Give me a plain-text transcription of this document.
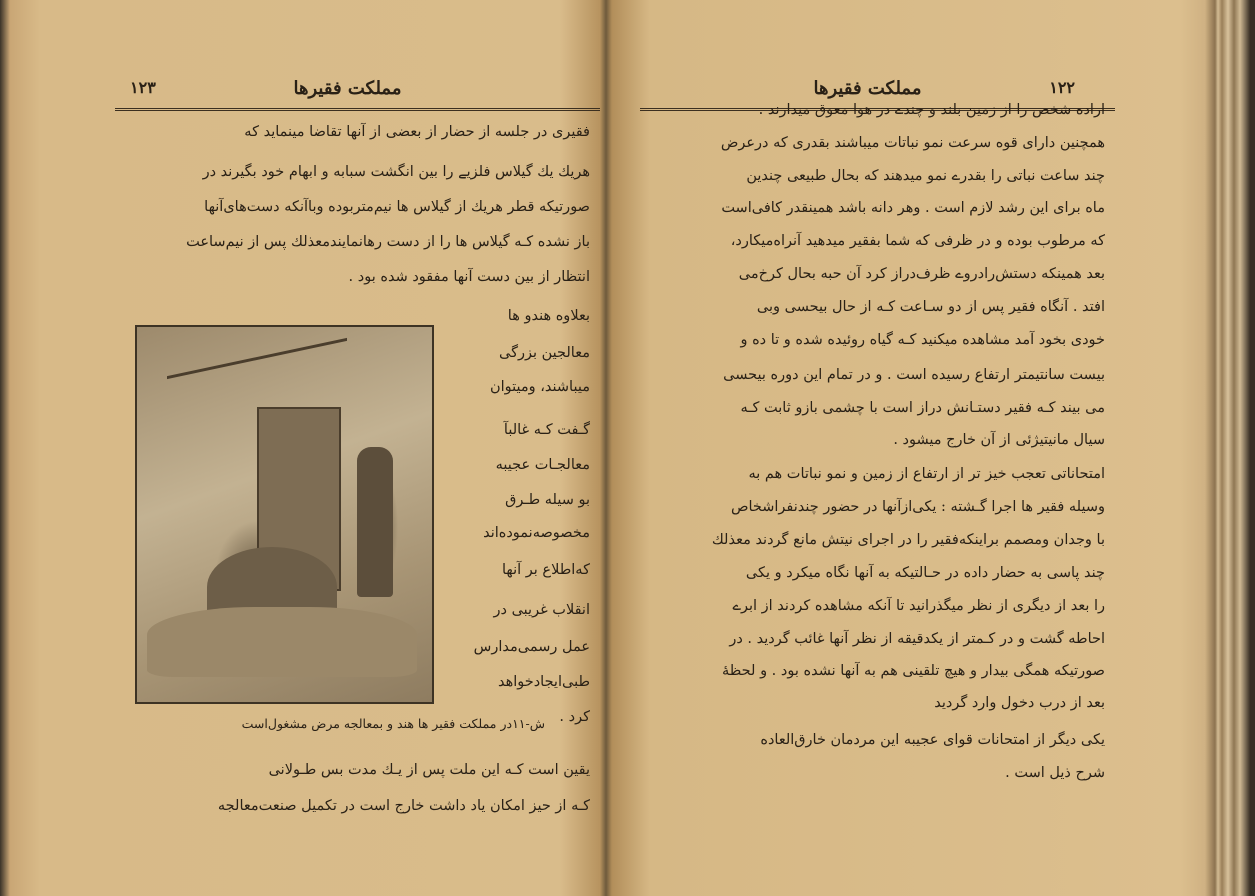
مملکت فقیرها
۱۲۳
فقیری در جلسه از حضار از بعضی از آنها تقاضا مینماید که
هریك یك گیلاس فلزیے را بین انگشت سبابه و ابهام خود بگیرند در
صورتیکه قطر هریك از گیلاس ها نیم‌متربوده وباآنکه دست‌های‌آنها
باز نشده کـه گیلاس ها را از دست رهانمایندمعذلك پس از نیم‌ساعت
انتظار از بین دست آنها مفقود شده بود .
بعلاوه هندو ها
معالجین بزرگی
میباشند، ومیتوان
گـفت کـه غالبآ
معالجـات عجیبه
بو سیله طـرق
مخصوصه‌نموده‌اند
که‌اطلاع بر آنها
انقلاب غریبی در
عمل رسمی‌مدارس
طبی‌ایجادخواهد
کرد .
ش-۱۱در مملکت فقیر ها هند و بمعالجه مرض مشغول‌است
یقین است کـه این ملت پس از یـك مدت بس طـولانی
کـه از حیز امکان یاد داشت خارج است در تکمیل صنعت‌معالجه
۱۲۲
مملکت فقیرها
اراده شخص را از زمین بلند و چندے در هوا معوق میدارند .
همچنین دارای قوه سرعت نمو نباتات میباشند بقدری که درعرض
چند ساعت نباتی را بقدرے نمو میدهند که بحال طبیعی چندین
ماه برای این رشد لازم است . وهر دانه باشد همینقدر کافی‌است
که مرطوب بوده و در ظرفی که شما بفقیر میدهید آنراه‌میکارد،
بعد همینکه دستش‌رادروے ظرف‌دراز کرد آن حبه بحال کرخ‌می
افتد . آنگاه فقیر پس از دو سـاعت کـه از حال بیحسی وبی
خودی بخود آمد مشاهده میکنید کـه گیاه روئیده شده و تا ده و
بیست سانتیمتر ارتفاع رسیده است . و در تمام این دوره بیحسی
می بیند کـه فقیر دستـانش دراز است با چشمی بازو ثابت کـه
سیال مانیتیژئی از آن خارج میشود .
امتحاناتی تعجب خیز تر از ارتفاع از زمین و نمو نباتات هم به
وسیله فقیر ها اجرا گـشته : یکی‌ازآنها در حضور چندنفراشخاص
با وجدان ومصمم براینکه‌فقیر را در اجرای نیتش مانع گردند معذلك
چند پاسی به حضار داده در حـالتیکه به آنها نگاه میکرد و یکی
را بعد از دیگری از نظر میگذرانید تا آنکه مشاهده کردند از ابرے
احاطه گشت و در کـمتر از یکدقیقه از نظر آنها غائب گردید . در
صورتیکه همگی بیدار و هیچ تلقینی هم به آنها نشده بود . و لحظهٔ
بعد از درب دخول وارد گردید
یکی دیگر از امتحانات قوای عجیبه این مردمان خارق‌العاده
شرح ذیل است .
